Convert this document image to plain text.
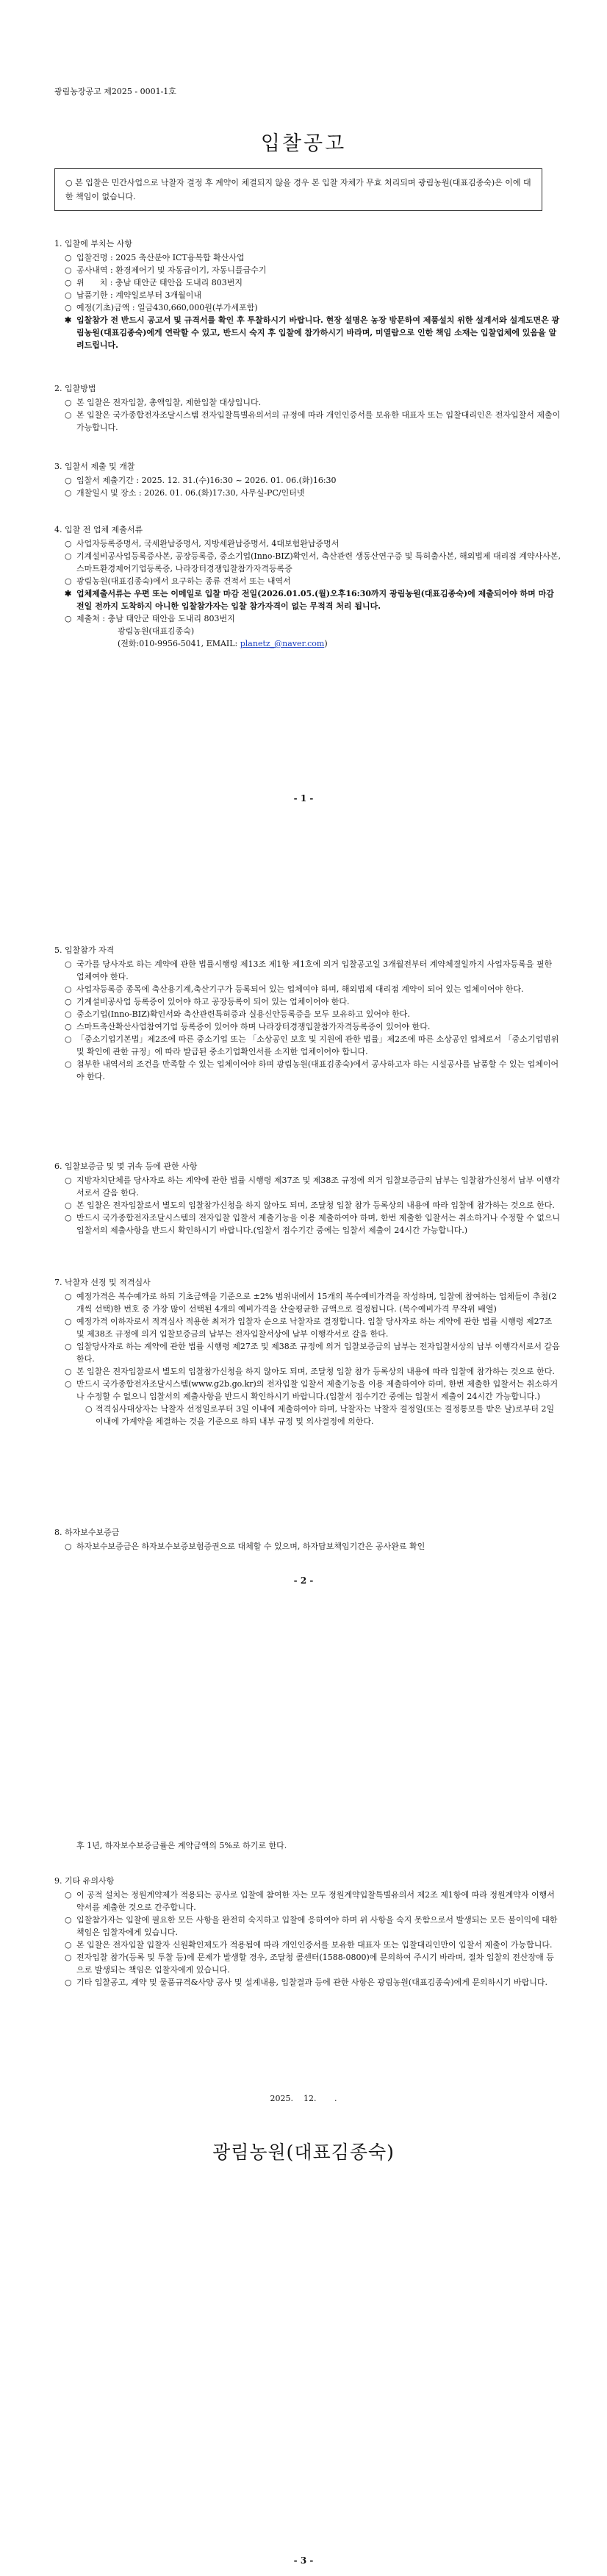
광림농장공고 제2025 - 0001-1호
입찰공고
○ 본 입찰은 민간사업으로 낙찰자 결정 후 계약이 체결되지 않을 경우 본 입찰 자체가 무효 처리되며 광림농원(대표김종숙)은 이에 대한 책임이 없습니다.
1. 입찰에 부치는 사항
○ 입찰건명 : 2025 축산분야 ICT융복합 확산사업
○ 공사내역 : 환경제어기 및 자동급이기, 자동니플급수기
○ 위      치 : 충남 태안군 태안읍 도내리 803번지
○ 납품기한 : 계약일로부터 3개월이내
○ 예정(기초)금액 : 일금430,660,000원(부가세포함)
✱ 입찰참가 전 반드시 공고서 및 규격서를 확인 후 투찰하시기 바랍니다. 현장 설명은 농장 방문하여 제품설치 위한 설계서와 설계도면은 광림농원(대표김종숙)에게 연락할 수 있고, 반드시 숙지 후 입찰에 참가하시기 바라며, 미열람으로 인한 책임 소재는 입찰업체에 있음을 알려드립니다.
2. 입찰방법
○ 본 입찰은 전자입찰, 총액입찰, 제한입찰 대상입니다.
○ 본 입찰은 국가종합전자조달시스템 전자입찰특별유의서의 규정에 따라 개인인증서를 보유한 대표자 또는 입찰대리인은 전자입찰서 제출이 가능합니다.
3. 입찰서 제출 및 개찰
○ 입찰서 제출기간 : 2025. 12. 31.(수)16:30 ~ 2026. 01. 06.(화)16:30
○ 개찰일시 및 장소 : 2026. 01. 06.(화)17:30, 사무실-PC/인터넷
4. 입찰 전 업체 제출서류
○ 사업자등록증명서, 국세완납증명서, 지방세완납증명서, 4대보험완납증명서
○ 기계설비공사업등록증사본, 공장등록증, 중소기업(Inno-BIZ)확인서, 축산관련 생동산연구증 및 특허출사본, 해외법제 대리점 계약사사본, 스마트환경제어기업등록증, 나라장터경쟁입찰참가자격등록증
○ 광림농원(대표김종숙)에서 요구하는 종류 견적서 또는 내역서
✱ 업체제출서류는 우편 또는 이메일로 입찰 마감 전일(2026.01.05.(월)오후16:30까지 광림농원(대표김종숙)에 제출되어야 하며 마감 전일 전까지 도착하지 아니한 입찰참가자는 입찰 참가자격이 없는 무적격 처리 됩니다.
○ 제출처 : 충남 태안군 태안읍 도내리 803번지
광림농원(대표김종숙)
(전화:010-9956-5041, EMAIL: planetz_@naver.com)
- 1 -
5. 입찰참가 자격
○ 국가를 당사자로 하는 계약에 관한 법률시행령 제13조 제1항 제1호에 의거 입찰공고일 3개월전부터 계약체결일까지 사업자등록을 필한 업체여야 한다.
○ 사업자등록증 종목에 축산용기계,축산기구가 등록되어 있는 업체여야 하며, 해외법제 대리점 계약이 되어 있는 업체이어야 한다.
○ 기계설비공사업 등록증이 있어야 하고 공장등록이 되어 있는 업체이어야 한다.
○ 중소기업(Inno-BIZ)확인서와 축산관련특허증과 실용신안등록증을 모두 보유하고 있어야 한다.
○ 스마트축산확산사업참여기업 등록증이 있어야 하며 나라장터경쟁입찰참가자격등록증이 있어야 한다.
○ 「중소기업기본법」제2조에 따른 중소기업 또는 「소상공인 보호 및 지원에 관한 법률」제2조에 따른 소상공인 업체로서 「중소기업범위 및 확인에 관한 규정」에 따라 발급된 중소기업확인서를 소지한 업체이어야 합니다.
○ 첨부한 내역서의 조건을 만족할 수 있는 업체이어야 하며 광림농원(대표김종숙)에서 공사하고자 하는 시설공사를 납품할 수 있는 업체이어야 한다.
6. 입찰보증금 및 몇 귀속 등에 관한 사항
○ 지방자치단체를 당사자로 하는 계약에 관한 법률 시행령 제37조 및 제38조 규정에 의거 입찰보증금의 납부는 입찰참가신청서 납부 이행각서로서 갈음 한다.
○ 본 입찰은 전자입찰로서 별도의 입찰참가신청을 하지 않아도 되며, 조달청 입찰 참가 등록상의 내용에 따라 입찰에 참가하는 것으로 한다.
○ 반드시 국가종합전자조달시스템의 전자입찰 입찰서 제출기능을 이용 제출하여야 하며, 한번 제출한 입찰서는 취소하거나 수정할 수 없으니 입찰서의 제출사항을 반드시 확인하시기 바랍니다.(입찰서 접수기간 중에는 입찰서 제출이 24시간 가능합니다.)
7. 낙찰자 선정 및 적격심사
○ 예정가격은 복수예가로 하되 기초금액을 기준으로 ±2% 범위내에서 15개의 복수예비가격을 작성하며, 입찰에 참여하는 업체들이 추첨(2개씩 선택)한 번호 중 가장 많이 선택된 4개의 예비가격을 산술평균한 금액으로 결정됩니다. (복수예비가격 무작위 배열)
○ 예정가격 이하자로서 적격심사 적용한 최저가 입찰자 순으로 낙찰자로 결정합니다. 입찰 당사자로 하는 계약에 관한 법률 시행령 제27조 및 제38조 규정에 의거 입찰보증금의 납부는 전자입찰서상에 납부 이행각서로 갈음 한다.
○ 입찰당사자로 하는 계약에 관한 법률 시행령 제27조 및 제38조 규정에 의거 입찰보증금의 납부는 전자입찰서상의 납부 이행각서로서 갈음 한다.
○ 본 입찰은 전자입찰로서 별도의 입찰참가신청을 하지 않아도 되며, 조달청 입찰 참가 등록상의 내용에 따라 입찰에 참가하는 것으로 한다.
○ 반드시 국가종합전자조달시스템(www.g2b.go.kr)의 전자입찰 입찰서 제출기능을 이용 제출하여야 하며, 한번 제출한 입찰서는 취소하거나 수정할 수 없으니 입찰서의 제출사항을 반드시 확인하시기 바랍니다.(입찰서 접수기간 중에는 입찰서 제출이 24시간 가능합니다.)
○ 적격심사대상자는 낙찰자 선정일로부터 3일 이내에 제출하여야 하며, 낙찰자는 낙찰자 결정일(또는 결정통보를 받은 날)로부터 2일 이내에 가계약을 체결하는 것을 기준으로 하되 내부 규정 및 의사결정에 의한다.
8. 하자보수보증금
○ 하자보수보증금은 하자보수보증보험증권으로 대체할 수 있으며, 하자담보책임기간은 공사완료 확인
- 2 -
후 1년, 하자보수보증금률은 계약금액의 5%로 하기로 한다.
9. 기타 유의사항
○ 이 공적 설치는 정원계약제가 적용되는 공사로 입찰에 참여한 자는 모두 정원계약입찰특별유의서 제2조 제1항에 따라 정원계약자 이행서약서를 제출한 것으로 간주합니다.
○ 입찰참가자는 입찰에 필요한 모든 사항을 완전히 숙지하고 입찰에 응하여야 하며 위 사항을 숙지 못함으로서 발생되는 모든 불이익에 대한 책임은 입찰자에게 있습니다.
○ 본 입찰은 전자입찰 입찰자 신원확인제도가 적용됨에 따라 개인인증서를 보유한 대표자 또는 입찰대리인만이 입찰서 제출이 가능합니다.
○ 전자입찰 참가(등록 및 투찰 등)에 문제가 발생할 경우, 조달청 콜센터(1588-0800)에 문의하여 주시기 바라며, 절차 입찰의 전산장애 등으로 발생되는 책임은 입찰자에게 있습니다.
○ 기타 입찰공고, 계약 및 물품규격&사양 공사 및 설계내용, 입찰결과 등에 관한 사항은 광림농원(대표김종숙)에게 문의하시기 바랍니다.
2025.    12.       .
광림농원(대표김종숙)
- 3 -
